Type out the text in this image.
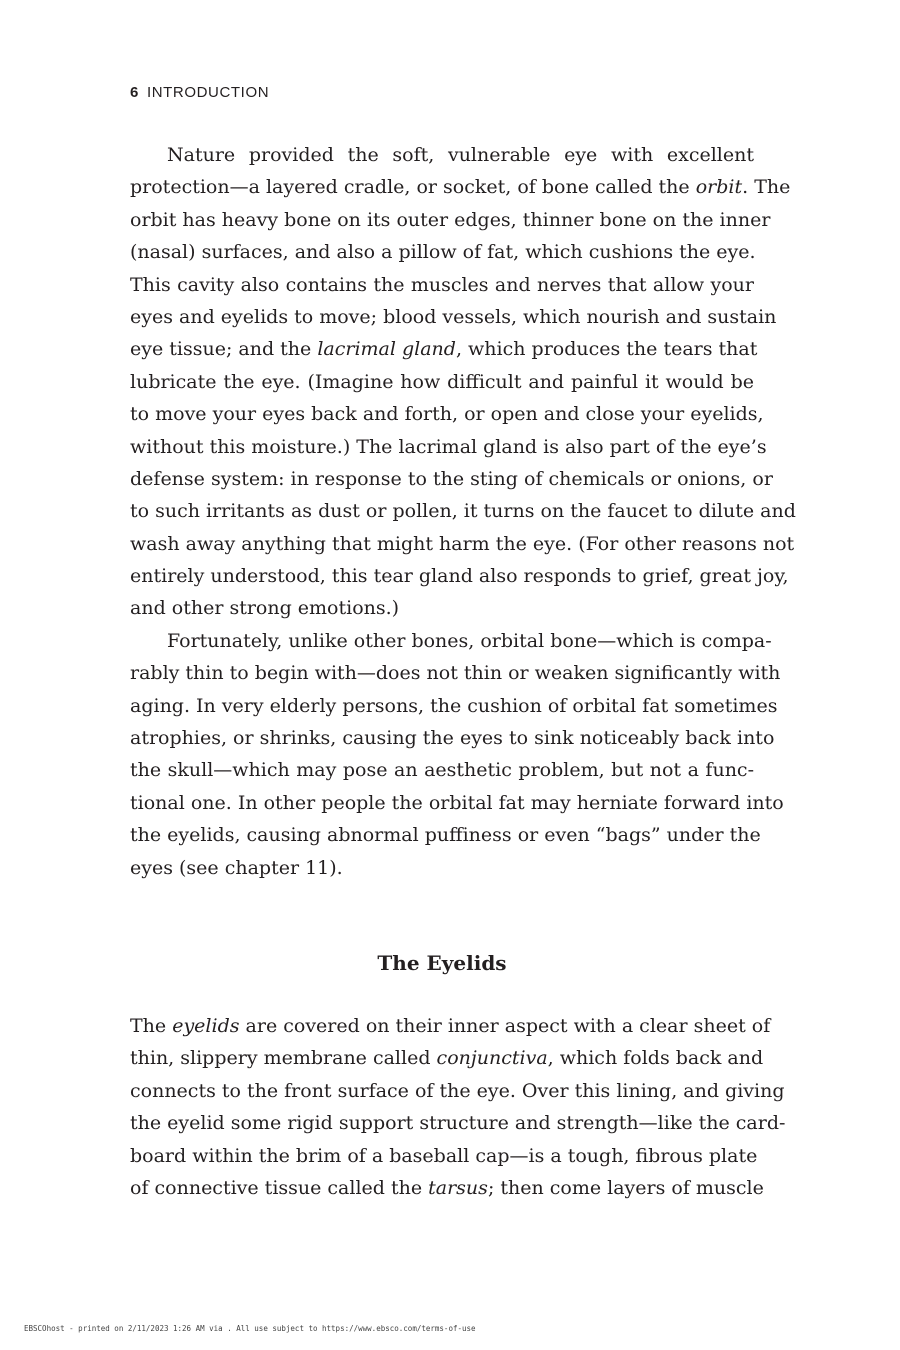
6 INTRODUCTION
Nature provided the soft, vulnerable eye with excellent
protection—a layered cradle, or socket, of bone called the orbit. The
orbit has heavy bone on its outer edges, thinner bone on the inner
(nasal) surfaces, and also a pillow of fat, which cushions the eye.
This cavity also contains the muscles and nerves that allow your
eyes and eyelids to move; blood vessels, which nourish and sustain
eye tissue; and the lacrimal gland, which produces the tears that
lubricate the eye. (Imagine how difficult and painful it would be
to move your eyes back and forth, or open and close your eyelids,
without this moisture.) The lacrimal gland is also part of the eye’s
defense system: in response to the sting of chemicals or onions, or
to such irritants as dust or pollen, it turns on the faucet to dilute and
wash away anything that might harm the eye. (For other reasons not
entirely understood, this tear gland also responds to grief, great joy,
and other strong emotions.)
Fortunately, unlike other bones, orbital bone—which is compa-
rably thin to begin with—does not thin or weaken significantly with
aging. In very elderly persons, the cushion of orbital fat sometimes
atrophies, or shrinks, causing the eyes to sink noticeably back into
the skull—which may pose an aesthetic problem, but not a func-
tional one. In other people the orbital fat may herniate forward into
the eyelids, causing abnormal puffiness or even “bags” under the
eyes (see chapter 11).
The Eyelids
The eyelids are covered on their inner aspect with a clear sheet of
thin, slippery membrane called conjunctiva, which folds back and
connects to the front surface of the eye. Over this lining, and giving
the eyelid some rigid support structure and strength—like the card-
board within the brim of a baseball cap—is a tough, fibrous plate
of connective tissue called the tarsus; then come layers of muscle
EBSCOhost - printed on 2/11/2023 1:26 AM via . All use subject to https://www.ebsco.com/terms-of-use
